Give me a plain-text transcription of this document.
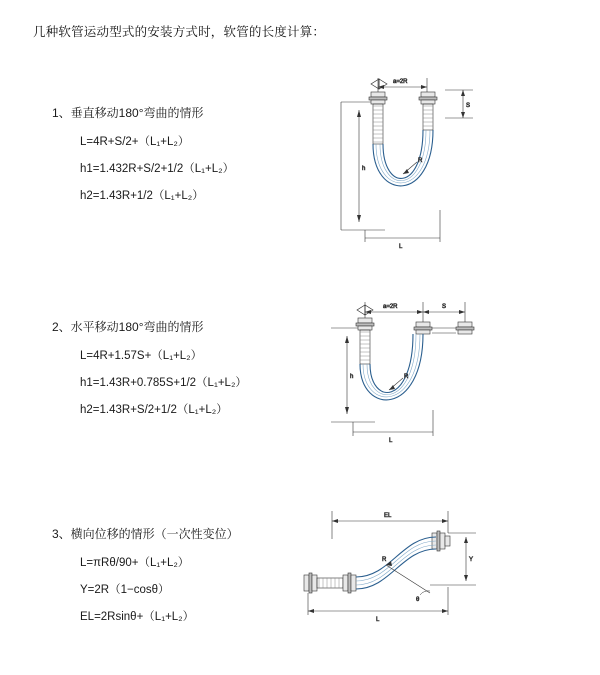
几种软管运动型式的安装方式时，软管的长度计算：

1、垂直移动180°弯曲的情形

L=4R+S/2+（L₁+L₂）

h1=1.432R+S/2+1/2（L₁+L₂）

h2=1.43R+1/2（L₁+L₂）

a=2R
S
h
R
L

2、水平移动180°弯曲的情形

L=4R+1.57S+（L₁+L₂）

h1=1.43R+0.785S+1/2（L₁+L₂）

h2=1.43R+S/2+1/2（L₁+L₂）

a=2R	S
h	R
L

3、横向位移的情形（一次性变位）

L=πRθ/90+（L₁+L₂）

Y=2R（1−cosθ）

EL=2Rsinθ+（L₁+L₂）

EL
Y
R
θ
L
